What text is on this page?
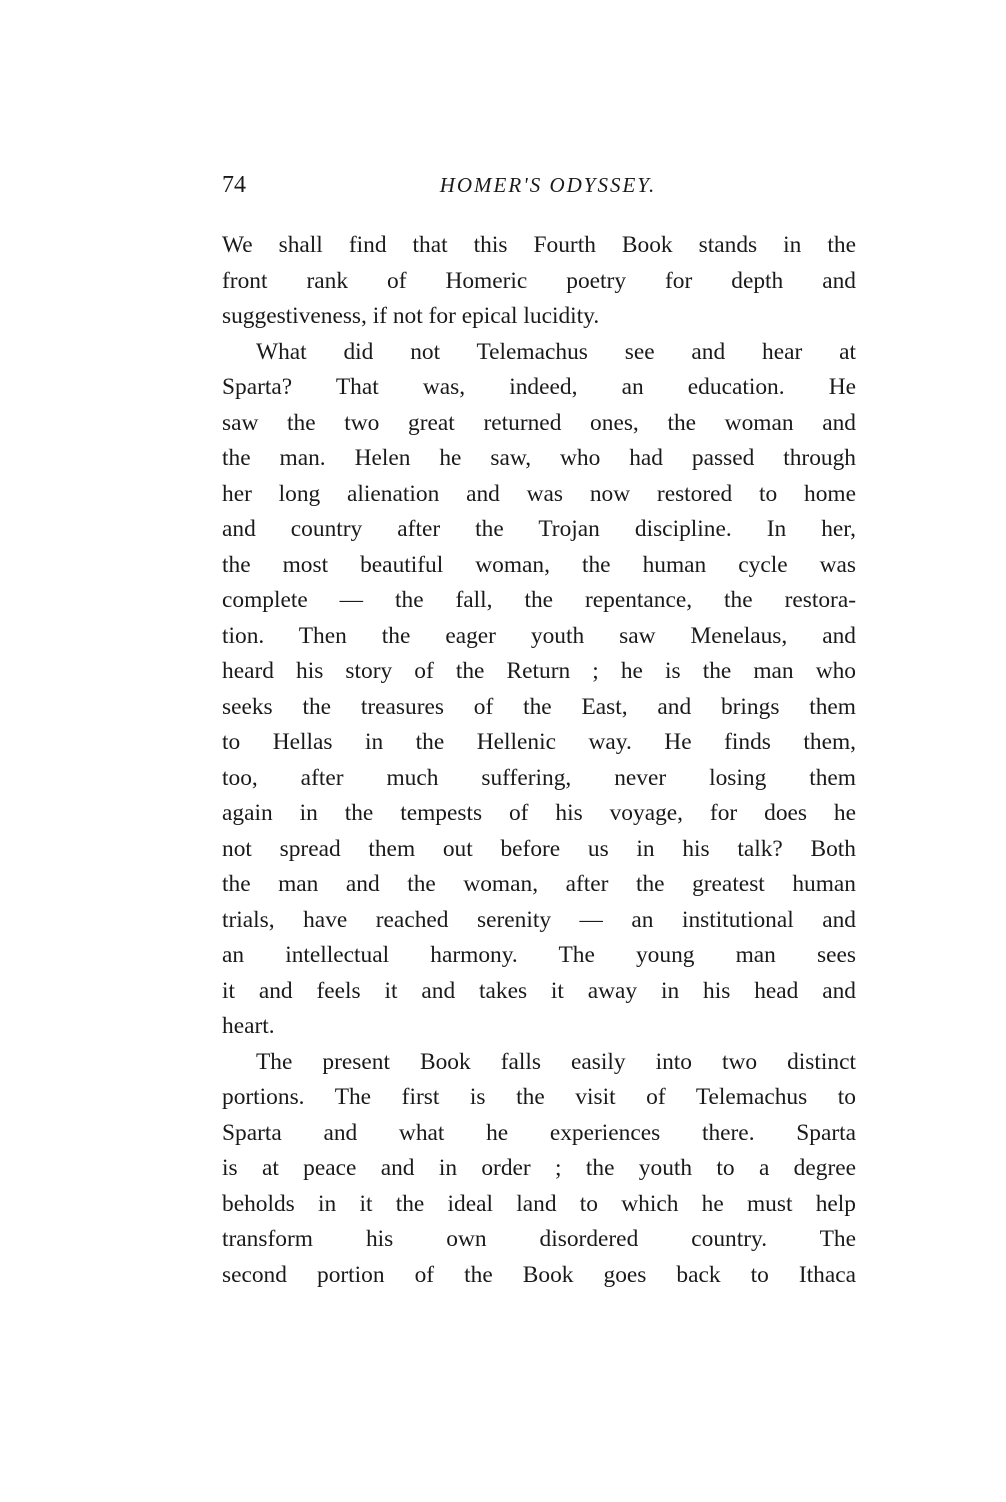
74	HOMER'S ODYSSEY.
We shall find that this Fourth Book stands in the
front rank of Homeric poetry for depth and
suggestiveness, if not for epical lucidity.
What did not Telemachus see and hear at
Sparta? That was, indeed, an education. He
saw the two great returned ones, the woman and
the man. Helen he saw, who had passed through
her long alienation and was now restored to home
and country after the Trojan discipline. In her,
the most beautiful woman, the human cycle was
complete — the fall, the repentance, the restora-
tion. Then the eager youth saw Menelaus, and
heard his story of the Return ; he is the man who
seeks the treasures of the East, and brings them
to Hellas in the Hellenic way. He finds them,
too, after much suffering, never losing them
again in the tempests of his voyage, for does he
not spread them out before us in his talk? Both
the man and the woman, after the greatest human
trials, have reached serenity — an institutional and
an intellectual harmony. The young man sees
it and feels it and takes it away in his head and
heart.
The present Book falls easily into two distinct
portions. The first is the visit of Telemachus to
Sparta and what he experiences there. Sparta
is at peace and in order ; the youth to a degree
beholds in it the ideal land to which he must help
transform his own disordered country. The
second portion of the Book goes back to Ithaca
